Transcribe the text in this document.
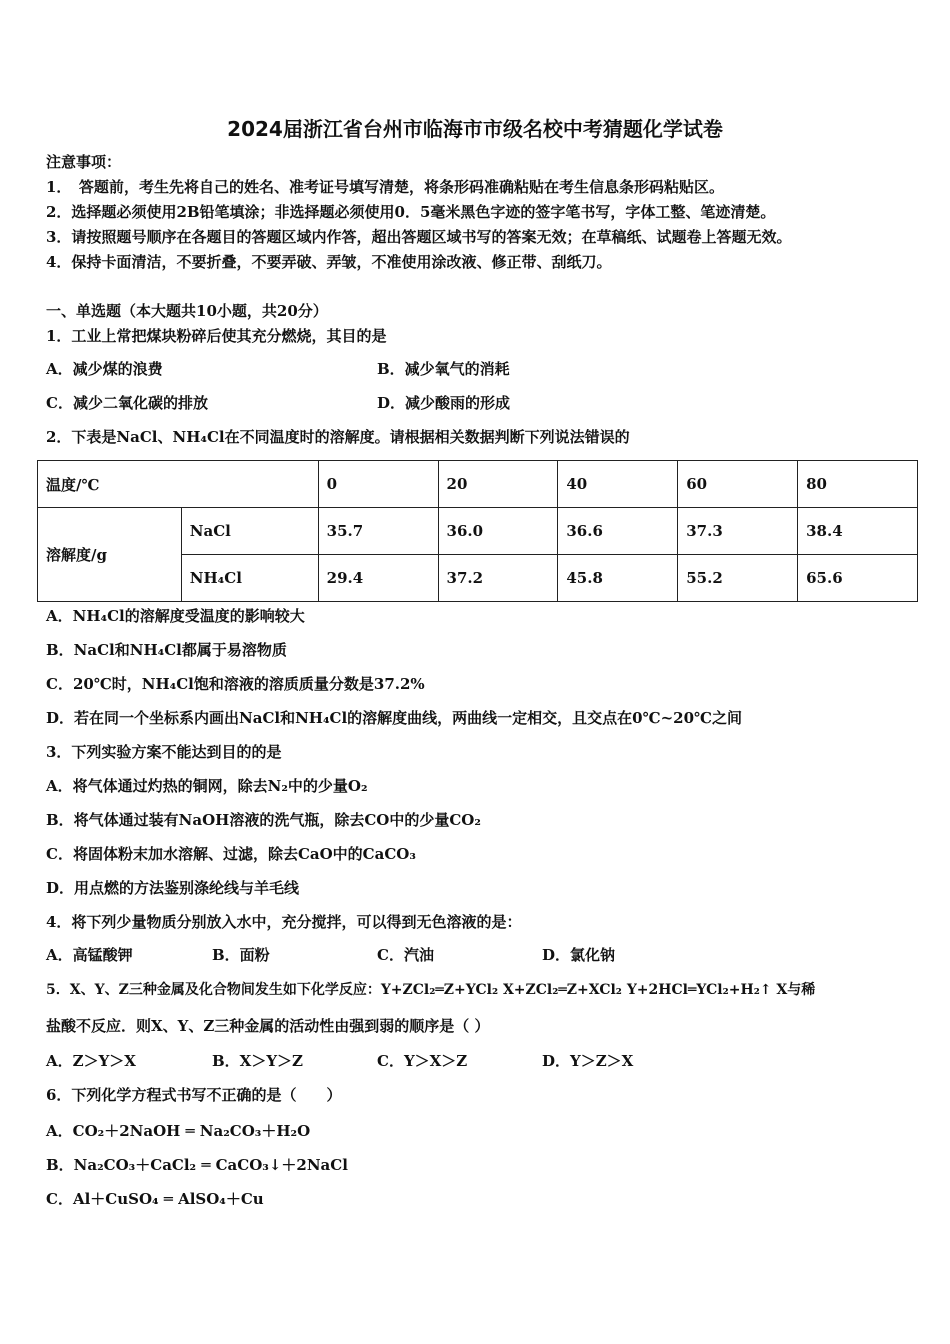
2024届浙江省台州市临海市市级名校中考猜题化学试卷
注意事项：
1．　答题前，考生先将自己的姓名、准考证号填写清楚，将条形码准确粘贴在考生信息条形码粘贴区。
2．选择题必须使用2B铅笔填涂；非选择题必须使用0．5毫米黑色字迹的签字笔书写，字体工整、笔迹清楚。
3．请按照题号顺序在各题目的答题区域内作答，超出答题区域书写的答案无效；在草稿纸、试题卷上答题无效。
4．保持卡面清洁，不要折叠，不要弄破、弄皱，不准使用涂改液、修正带、刮纸刀。
一、单选题（本大题共10小题，共20分）
1．工业上常把煤块粉碎后使其充分燃烧，其目的是
A．减少煤的浪费	B．减少氧气的消耗
C．减少二氧化碳的排放	D．减少酸雨的形成
2．下表是NaCl、NH₄Cl在不同温度时的溶解度。请根据相关数据判断下列说法错误的
温度/℃		0	20	40	60	80
溶解度/g	NaCl	35.7	36.0	36.6	37.3	38.4
	NH₄Cl	29.4	37.2	45.8	55.2	65.6
A．NH₄Cl的溶解度受温度的影响较大
B．NaCl和NH₄Cl都属于易溶物质
C．20℃时，NH₄Cl饱和溶液的溶质质量分数是37.2%
D．若在同一个坐标系内画出NaCl和NH₄Cl的溶解度曲线，两曲线一定相交，且交点在0℃~20℃之间
3．下列实验方案不能达到目的的是
A．将气体通过灼热的铜网，除去N₂中的少量O₂
B．将气体通过装有NaOH溶液的洗气瓶，除去CO中的少量CO₂
C．将固体粉末加水溶解、过滤，除去CaO中的CaCO₃
D．用点燃的方法鉴别涤纶线与羊毛线
4．将下列少量物质分别放入水中，充分搅拌，可以得到无色溶液的是：
A．高锰酸钾	B．面粉	C．汽油	D．氯化钠
5．X、Y、Z三种金属及化合物间发生如下化学反应：Y+ZCl₂═Z+YCl₂ X+ZCl₂═Z+XCl₂ Y+2HCl═YCl₂+H₂↑ X与稀
盐酸不反应．则X、Y、Z三种金属的活动性由强到弱的顺序是（ ）
A．Z＞Y＞X	B．X＞Y＞Z	C．Y＞X＞Z	D．Y＞Z＞X
6．下列化学方程式书写不正确的是（　　）
A．CO₂＋2NaOH ═ Na₂CO₃＋H₂O
B．Na₂CO₃＋CaCl₂ ═ CaCO₃↓＋2NaCl
C．Al＋CuSO₄ ═ AlSO₄＋Cu
